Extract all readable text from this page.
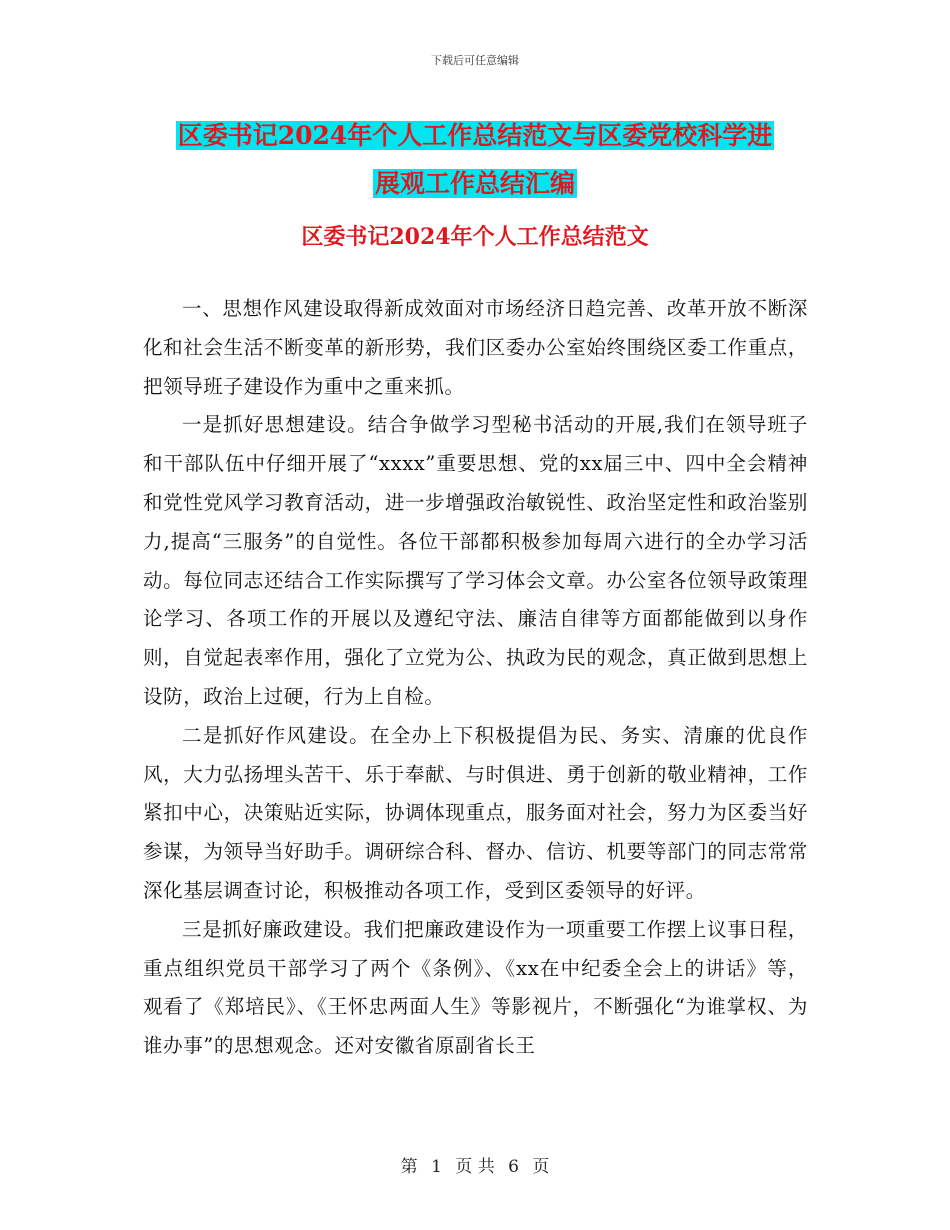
下载后可任意编辑
区委书记2024年个人工作总结范文与区委党校科学进
展观工作总结汇编
区委书记2024年个人工作总结范文

一、思想作风建设取得新成效面对市场经济日趋完善、改革开放不断深化和社会生活不断变革的新形势，我们区委办公室始终围绕区委工作重点，把领导班子建设作为重中之重来抓。

一是抓好思想建设。结合争做学习型秘书活动的开展,我们在领导班子和干部队伍中仔细开展了“xxxx”重要思想、党的xx届三中、四中全会精神和党性党风学习教育活动，进一步增强政治敏锐性、政治坚定性和政治鉴别力,提高“三服务”的自觉性。各位干部都积极参加每周六进行的全办学习活动。每位同志还结合工作实际撰写了学习体会文章。办公室各位领导政策理论学习、各项工作的开展以及遵纪守法、廉洁自律等方面都能做到以身作则，自觉起表率作用，强化了立党为公、执政为民的观念，真正做到思想上设防，政治上过硬，行为上自检。

二是抓好作风建设。在全办上下积极提倡为民、务实、清廉的优良作风，大力弘扬埋头苦干、乐于奉献、与时俱进、勇于创新的敬业精神，工作紧扣中心，决策贴近实际，协调体现重点，服务面对社会，努力为区委当好参谋，为领导当好助手。调研综合科、督办、信访、机要等部门的同志常常深化基层调查讨论，积极推动各项工作，受到区委领导的好评。

三是抓好廉政建设。我们把廉政建设作为一项重要工作摆上议事日程，重点组织党员干部学习了两个《条例》、《xx在中纪委全会上的讲话》等，观看了《郑培民》、《王怀忠两面人生》等影视片，不断强化“为谁掌权、为谁办事”的思想观念。还对安徽省原副省长王

第 1 页 共 6 页
